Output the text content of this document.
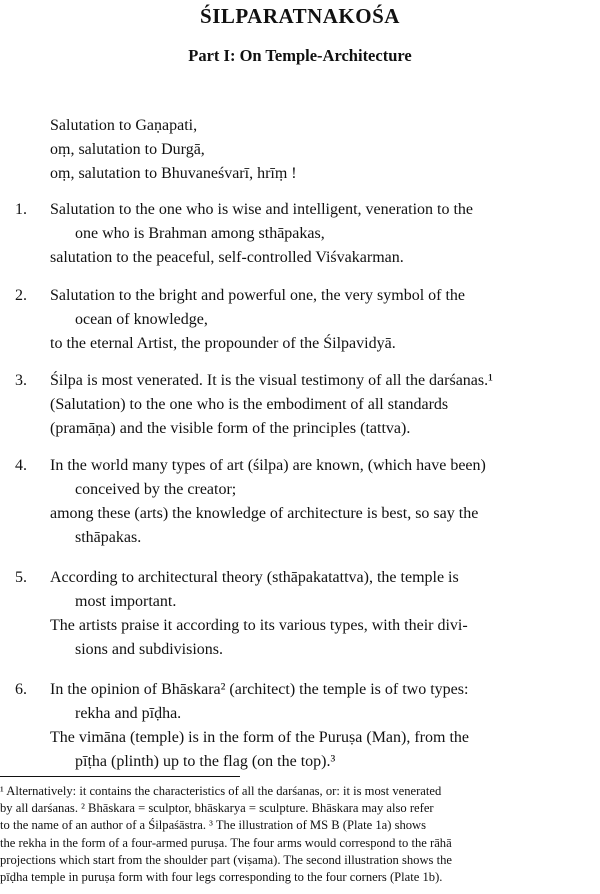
ŚILPARATNAKOŚA
Part I: On Temple-Architecture
Salutation to Gaṇapati,
oṃ, salutation to Durgā,
oṃ, salutation to Bhuvaneśvarī, hrīṃ !
1. Salutation to the one who is wise and intelligent, veneration to the
one who is Brahman among sthāpakas,
salutation to the peaceful, self-controlled Viśvakarman.
2. Salutation to the bright and powerful one, the very symbol of the
ocean of knowledge,
to the eternal Artist, the propounder of the Śilpavidyā.
3. Śilpa is most venerated. It is the visual testimony of all the darśanas.¹
(Salutation) to the one who is the embodiment of all standards
(pramāṇa) and the visible form of the principles (tattva).
4. In the world many types of art (śilpa) are known, (which have been)
conceived by the creator;
among these (arts) the knowledge of architecture is best, so say the
sthāpakas.
5. According to architectural theory (sthāpakatattva), the temple is
most important.
The artists praise it according to its various types, with their divi-
sions and subdivisions.
6. In the opinion of Bhāskara² (architect) the temple is of two types:
rekha and pīḍha.
The vimāna (temple) is in the form of the Puruṣa (Man), from the
pīṭha (plinth) up to the flag (on the top).³
¹ Alternatively: it contains the characteristics of all the darśanas, or: it is most venerated
by all darśanas. ² Bhāskara = sculptor, bhāskarya = sculpture. Bhāskara may also refer
to the name of an author of a Śilpaśāstra. ³ The illustration of MS B (Plate 1a) shows
the rekha in the form of a four-armed puruṣa. The four arms would correspond to the rāhā
projections which start from the shoulder part (viṣama). The second illustration shows the
pīḍha temple in puruṣa form with four legs corresponding to the four corners (Plate 1b).
